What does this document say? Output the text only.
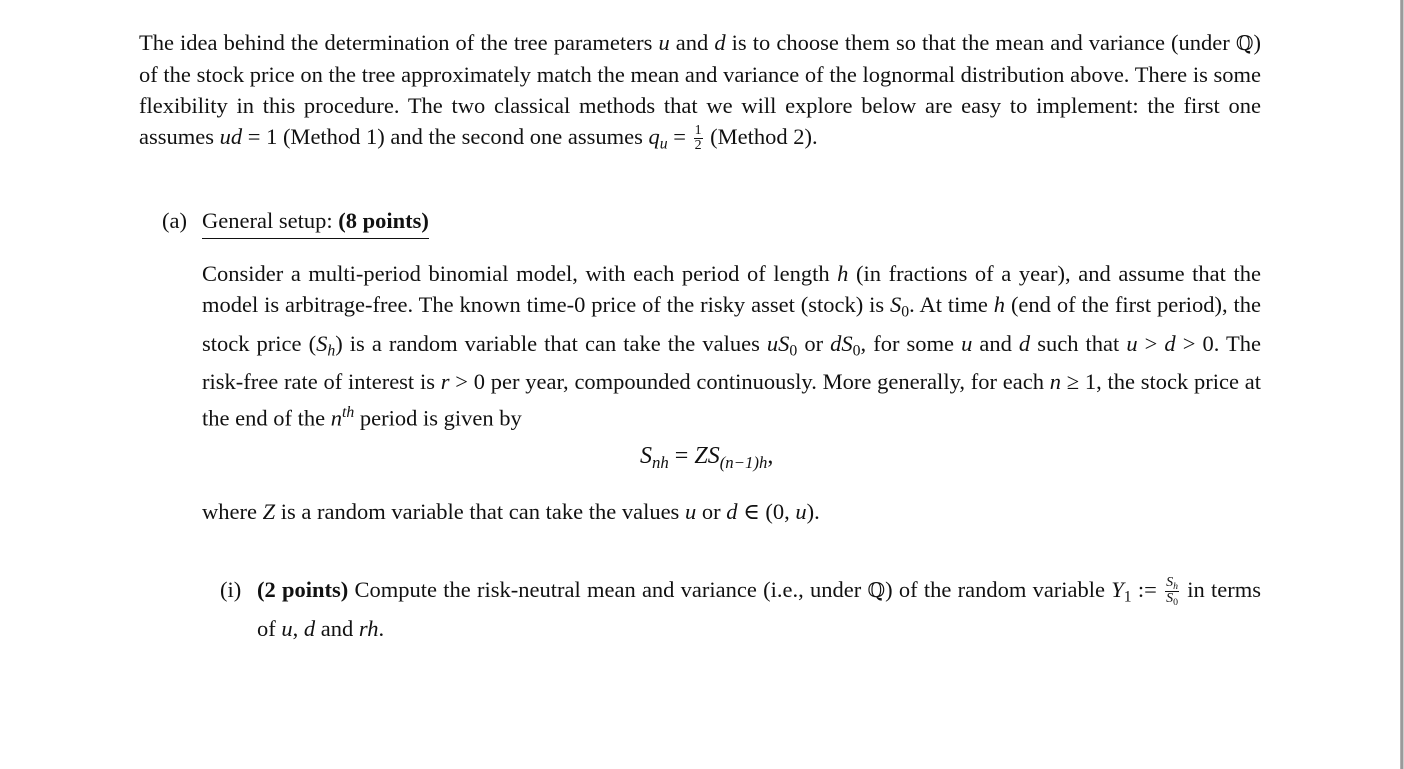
The idea behind the determination of the tree parameters u and d is to choose them so that the mean and variance (under ℚ) of the stock price on the tree approximately match the mean and variance of the lognormal distribution above. There is some flexibility in this procedure. The two classical methods that we will explore below are easy to implement: the first one assumes ud = 1 (Method 1) and the second one assumes $q_u = \frac{1}{2}$ (Method 2).

(a) General setup: (8 points)

Consider a multi-period binomial model, with each period of length h (in fractions of a year), and assume that the model is arbitrage-free. The known time-0 price of the risky asset (stock) is $S_0$. At time h (end of the first period), the stock price $(S_h)$ is a random variable that can take the values $uS_0$ or $dS_0$, for some u and d such that u > d > 0. The risk-free rate of interest is r > 0 per year, compounded continuously. More generally, for each n ≥ 1, the stock price at the end of the $n^{th}$ period is given by

$S_{nh} = ZS_{(n-1)h}$,

where Z is a random variable that can take the values u or d ∈ (0, u).

(i) (2 points) Compute the risk-neutral mean and variance (i.e., under ℚ) of the random variable $Y_1$ := $\frac{S_h}{S_0}$ in terms of u, d and rh.
